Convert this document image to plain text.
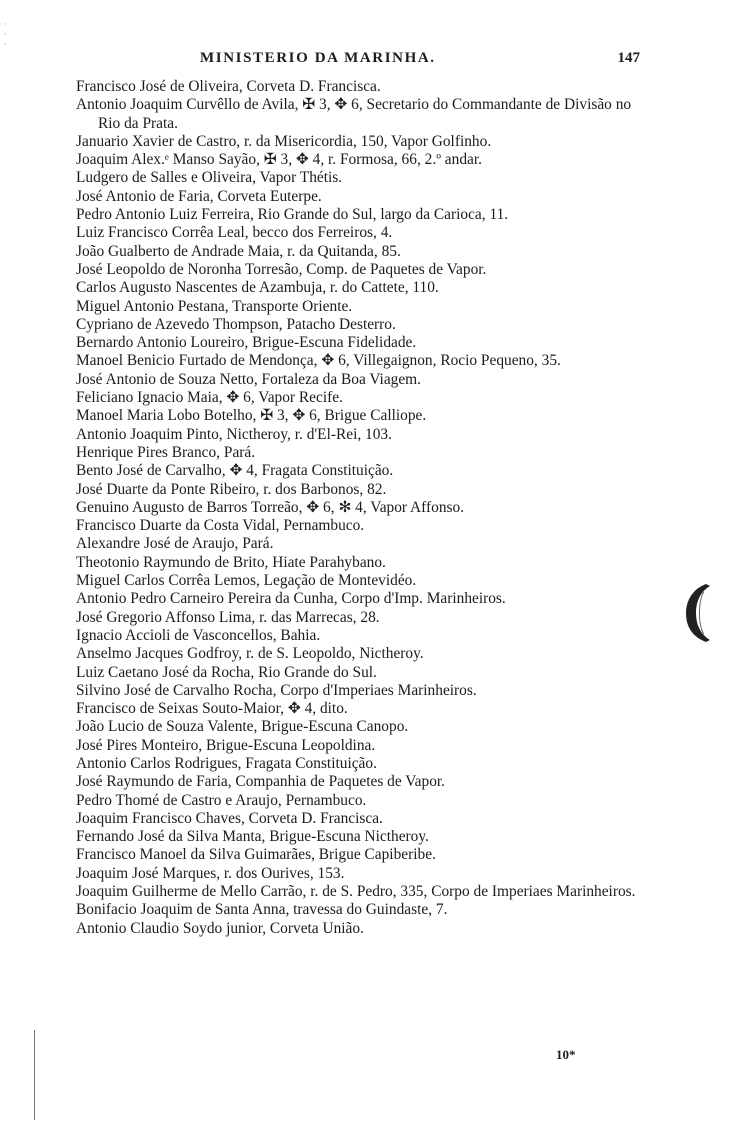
·
·
·
MINISTERIO DA MARINHA.	147
Francisco José de Oliveira, Corveta D. Francisca.
Antonio Joaquim Curvêllo de Avila, ✠ 3, ✥ 6, Secretario do Commandante de Divisão no Rio da Prata.
Januario Xavier de Castro, r. da Misericordia, 150, Vapor Golfinho.
Joaquim Alex.ᵉ Manso Sayão, ✠ 3, ✥ 4, r. Formosa, 66, 2.º andar.
Ludgero de Salles e Oliveira, Vapor Thétis.
José Antonio de Faria, Corveta Euterpe.
Pedro Antonio Luiz Ferreira, Rio Grande do Sul, largo da Carioca, 11.
Luiz Francisco Corrêa Leal, becco dos Ferreiros, 4.
João Gualberto de Andrade Maia, r. da Quitanda, 85.
José Leopoldo de Noronha Torresão, Comp. de Paquetes de Vapor.
Carlos Augusto Nascentes de Azambuja, r. do Cattete, 110.
Miguel Antonio Pestana, Transporte Oriente.
Cypriano de Azevedo Thompson, Patacho Desterro.
Bernardo Antonio Loureiro, Brigue-Escuna Fidelidade.
Manoel Benicio Furtado de Mendonça, ✥ 6, Villegaignon, Rocio Pequeno, 35.
José Antonio de Souza Netto, Fortaleza da Boa Viagem.
Feliciano Ignacio Maia, ✥ 6, Vapor Recife.
Manoel Maria Lobo Botelho, ✠ 3, ✥ 6, Brigue Calliope.
Antonio Joaquim Pinto, Nictheroy, r. d'El-Rei, 103.
Henrique Pires Branco, Pará.
Bento José de Carvalho, ✥ 4, Fragata Constituição.
José Duarte da Ponte Ribeiro, r. dos Barbonos, 82.
Genuino Augusto de Barros Torreão, ✥ 6, ✻ 4, Vapor Affonso.
Francisco Duarte da Costa Vidal, Pernambuco.
Alexandre José de Araujo, Pará.
Theotonio Raymundo de Brito, Hiate Parahybano.
Miguel Carlos Corrêa Lemos, Legação de Montevidéo.
Antonio Pedro Carneiro Pereira da Cunha, Corpo d'Imp. Marinheiros.
José Gregorio Affonso Lima, r. das Marrecas, 28.
Ignacio Accioli de Vasconcellos, Bahia.
Anselmo Jacques Godfroy, r. de S. Leopoldo, Nictheroy.
Luiz Caetano José da Rocha, Rio Grande do Sul.
Silvino José de Carvalho Rocha, Corpo d'Imperiaes Marinheiros.
Francisco de Seixas Souto-Maior, ✥ 4, dito.
João Lucio de Souza Valente, Brigue-Escuna Canopo.
José Pires Monteiro, Brigue-Escuna Leopoldina.
Antonio Carlos Rodrigues, Fragata Constituição.
José Raymundo de Faria, Companhia de Paquetes de Vapor.
Pedro Thomé de Castro e Araujo, Pernambuco.
Joaquim Francisco Chaves, Corveta D. Francisca.
Fernando José da Silva Manta, Brigue-Escuna Nictheroy.
Francisco Manoel da Silva Guimarães, Brigue Capiberibe.
Joaquim José Marques, r. dos Ourives, 153.
Joaquim Guilherme de Mello Carrão, r. de S. Pedro, 335, Corpo de Imperiaes Marinheiros.
Bonifacio Joaquim de Santa Anna, travessa do Guindaste, 7.
Antonio Claudio Soydo junior, Corveta União.
10*
